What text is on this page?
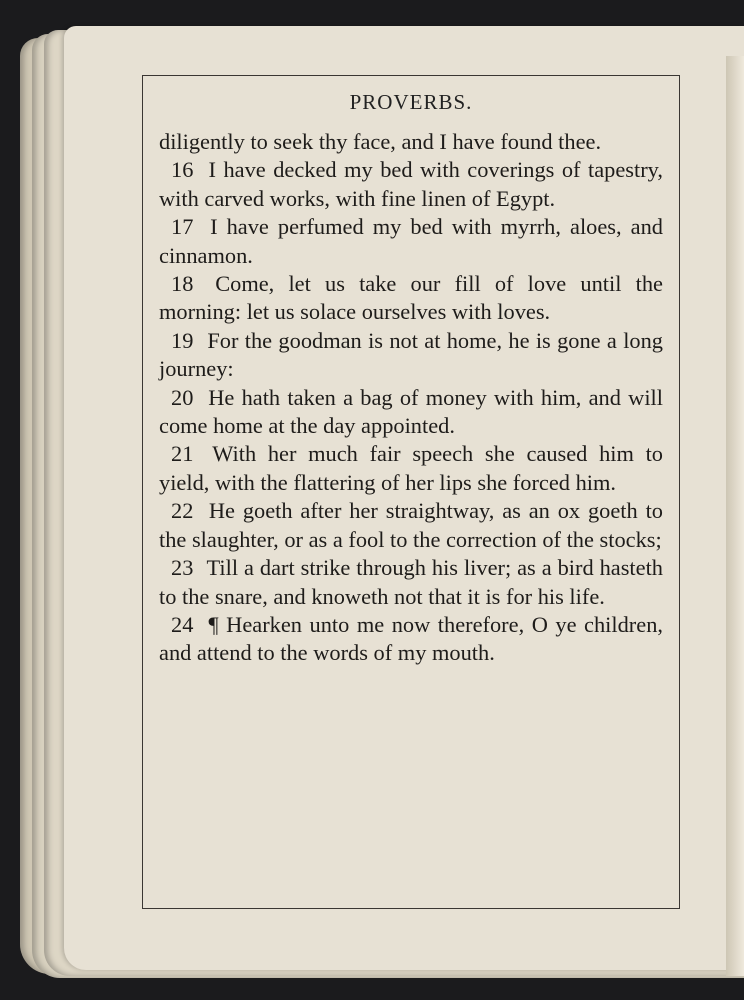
PROVERBS.

diligently to seek thy face, and I have found thee.

16 I have decked my bed with coverings of tapestry, with carved works, with fine linen of Egypt.

17 I have perfumed my bed with myrrh, aloes, and cinnamon.

18 Come, let us take our fill of love until the morning: let us solace ourselves with loves.

19 For the goodman is not at home, he is gone a long journey:

20 He hath taken a bag of money with him, and will come home at the day appointed.

21 With her much fair speech she caused him to yield, with the flattering of her lips she forced him.

22 He goeth after her straightway, as an ox goeth to the slaughter, or as a fool to the correction of the stocks;

23 Till a dart strike through his liver; as a bird hasteth to the snare, and knoweth not that it is for his life.

24 ¶ Hearken unto me now therefore, O ye children, and attend to the words of my mouth.
